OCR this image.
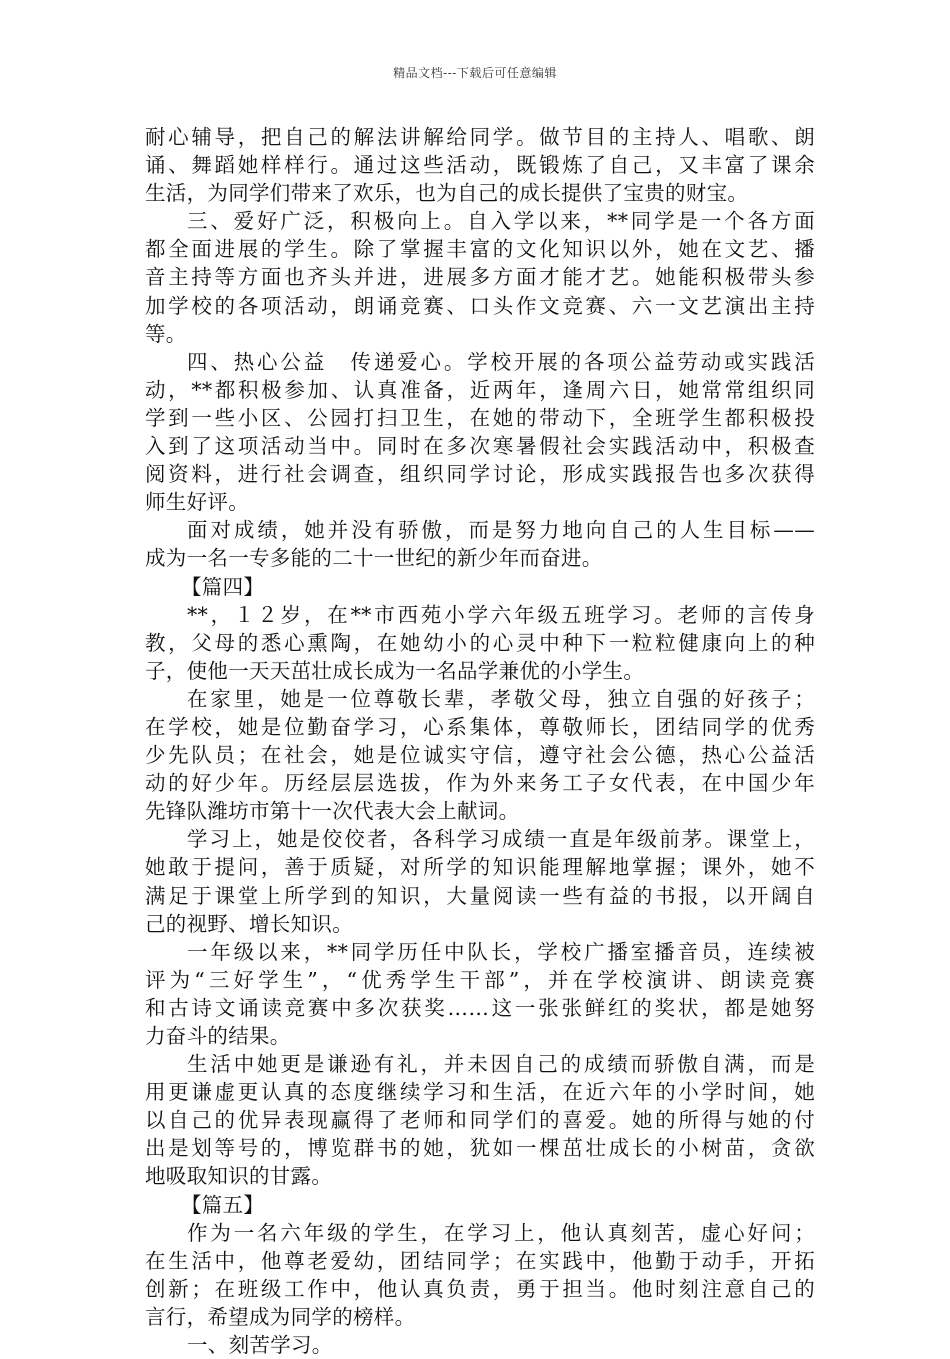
精品文档---下载后可任意编辑
耐心辅导，把自己的解法讲解给同学。做节目的主持人、唱歌、朗
诵、舞蹈她样样行。通过这些活动，既锻炼了自己，又丰富了课余
生活，为同学们带来了欢乐，也为自己的成长提供了宝贵的财宝。
三、爱好广泛，积极向上。自入学以来，**同学是一个各方面
都全面进展的学生。除了掌握丰富的文化知识以外，她在文艺、播
音主持等方面也齐头并进，进展多方面才能才艺。她能积极带头参
加学校的各项活动，朗诵竞赛、口头作文竞赛、六一文艺演出主持
等。
四、热心公益　传递爱心。学校开展的各项公益劳动或实践活
动，**都积极参加、认真准备，近两年，逢周六日，她常常组织同
学到一些小区、公园打扫卫生，在她的带动下，全班学生都积极投
入到了这项活动当中。同时在多次寒暑假社会实践活动中，积极查
阅资料，进行社会调查，组织同学讨论，形成实践报告也多次获得
师生好评。
面对成绩，她并没有骄傲，而是努力地向自己的人生目标——
成为一名一专多能的二十一世纪的新少年而奋进。
【篇四】
**，１２岁，在**市西苑小学六年级五班学习。老师的言传身
教，父母的悉心熏陶，在她幼小的心灵中种下一粒粒健康向上的种
子，使他一天天茁壮成长成为一名品学兼优的小学生。
在家里，她是一位尊敬长辈，孝敬父母，独立自强的好孩子；
在学校，她是位勤奋学习，心系集体，尊敬师长，团结同学的优秀
少先队员；在社会，她是位诚实守信，遵守社会公德，热心公益活
动的好少年。历经层层选拔，作为外来务工子女代表，在中国少年
先锋队潍坊市第十一次代表大会上献词。
学习上，她是佼佼者，各科学习成绩一直是年级前茅。课堂上，
她敢于提问，善于质疑，对所学的知识能理解地掌握；课外，她不
满足于课堂上所学到的知识，大量阅读一些有益的书报，以开阔自
己的视野、增长知识。
一年级以来，**同学历任中队长，学校广播室播音员，连续被
评为“三好学生”，“优秀学生干部”，并在学校演讲、朗读竞赛
和古诗文诵读竞赛中多次获奖……这一张张鲜红的奖状，都是她努
力奋斗的结果。
生活中她更是谦逊有礼，并未因自己的成绩而骄傲自满，而是
用更谦虚更认真的态度继续学习和生活，在近六年的小学时间，她
以自己的优异表现赢得了老师和同学们的喜爱。她的所得与她的付
出是划等号的，博览群书的她，犹如一棵茁壮成长的小树苗，贪欲
地吸取知识的甘露。
【篇五】
作为一名六年级的学生，在学习上，他认真刻苦，虚心好问；
在生活中，他尊老爱幼，团结同学；在实践中，他勤于动手，开拓
创新；在班级工作中，他认真负责，勇于担当。他时刻注意自己的
言行，希望成为同学的榜样。
一、刻苦学习。
